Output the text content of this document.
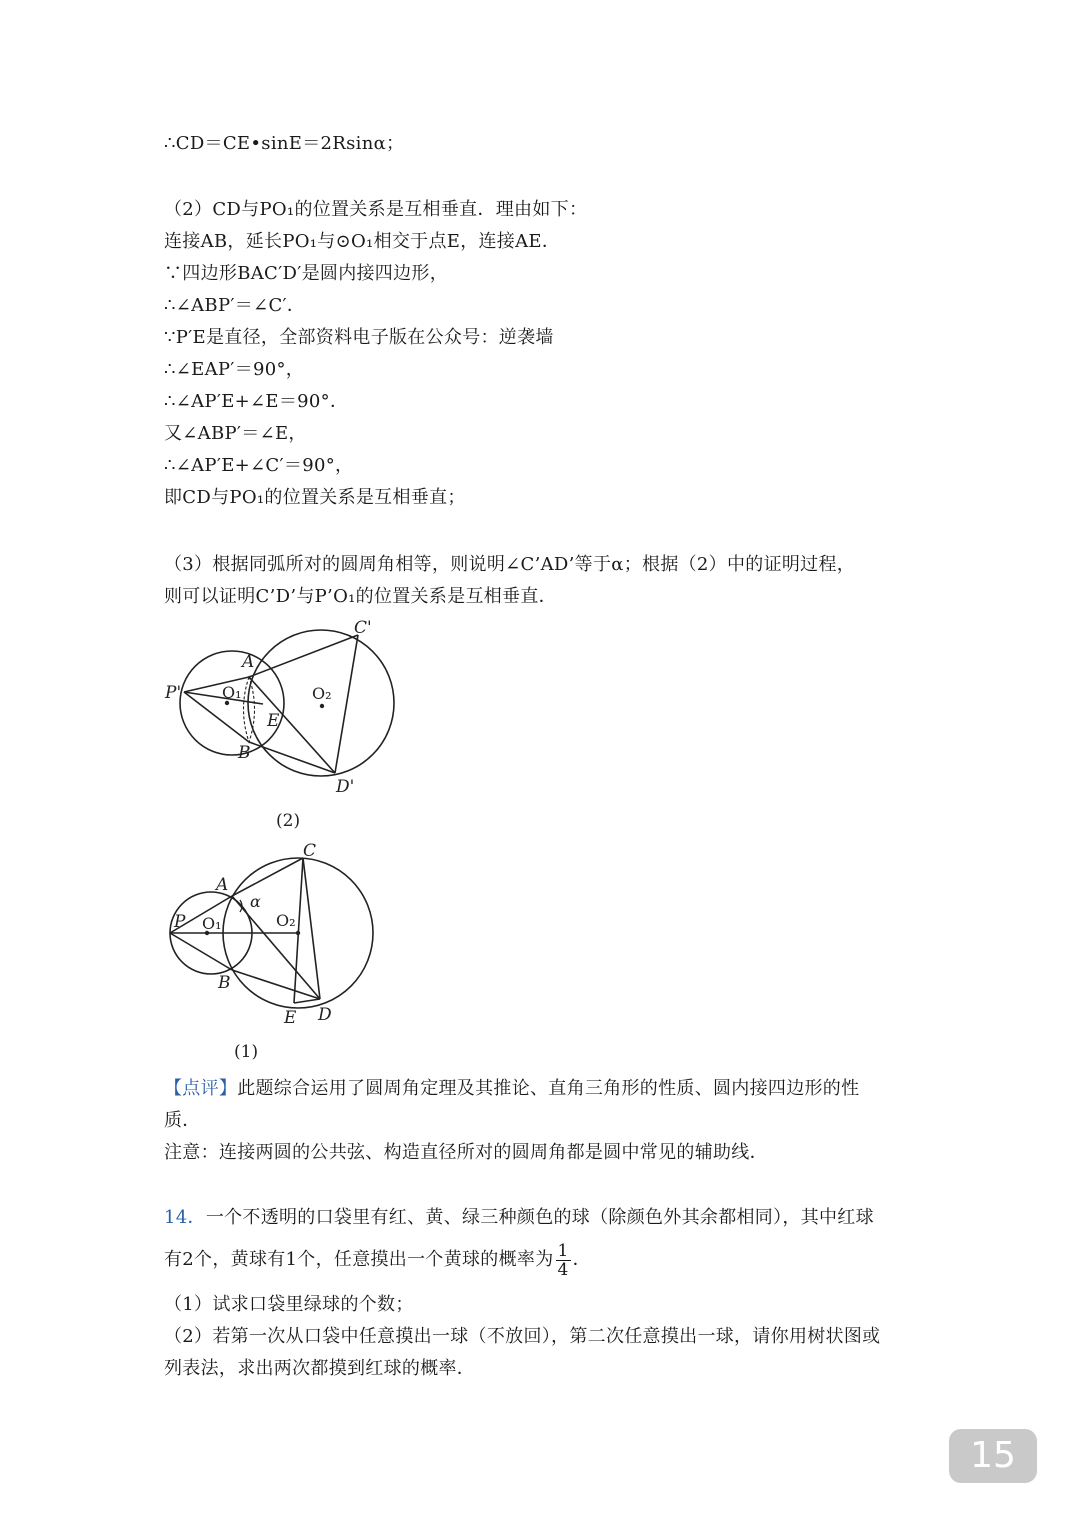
∴CD＝CE•sinE＝2Rsinα；
（2）CD与PO₁的位置关系是互相垂直．理由如下：
连接AB，延长PO₁与⊙O₁相交于点E，连接AE．
∵四边形BAC′D′是圆内接四边形，
∴∠ABP′＝∠C′．
∵P′E是直径，全部资料电子版在公众号：逆袭墙
∴∠EAP′＝90°，
∴∠AP′E+∠E＝90°．
又∠ABP′＝∠E，
∴∠AP′E+∠C′＝90°，
即CD与PO₁的位置关系是互相垂直；
（3）根据同弧所对的圆周角相等，则说明∠C’AD’等于α；根据（2）中的证明过程，
则可以证明C’D’与P’O₁的位置关系是互相垂直．
P'
A
B
O₁	O₂
E
C'
D'
(2)
P
A
B
O₁	O₂
α
C
E D
(1)
【点评】此题综合运用了圆周角定理及其推论、直角三角形的性质、圆内接四边形的性
质．
注意：连接两圆的公共弦、构造直径所对的圆周角都是圆中常见的辅助线．
14．一个不透明的口袋里有红、黄、绿三种颜色的球（除颜色外其余都相同），其中红球
有2个，黄球有1个，任意摸出一个黄球的概率为 $\frac{1}{4}$ ．
（1）试求口袋里绿球的个数；
（2）若第一次从口袋中任意摸出一球（不放回），第二次任意摸出一球，请你用树状图或
列表法，求出两次都摸到红球的概率．
15
